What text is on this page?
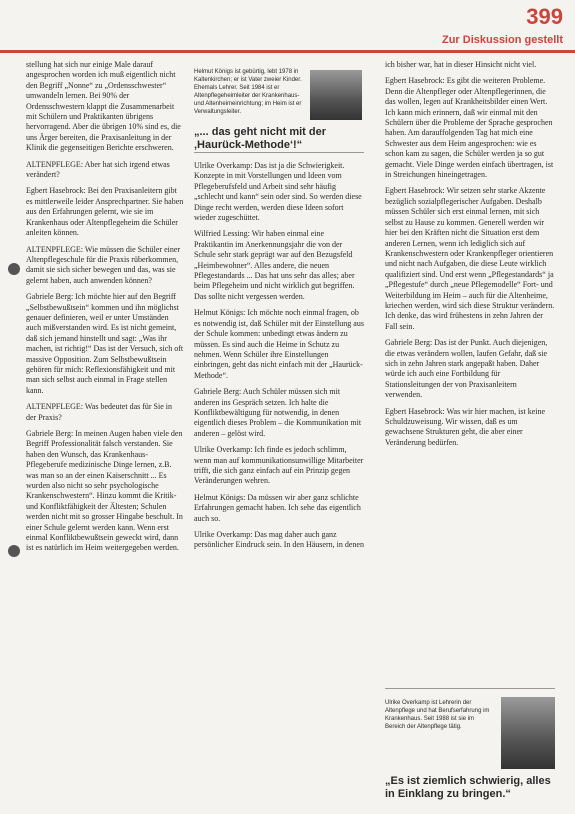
399
Zur Diskussion gestellt

stellung hat sich nur einige Male darauf angesprochen worden ich muß eigentlich nicht den Begriff „Nonne“ zu „Ordensschwester“ umwandeln lernen. Bei 90% der Ordensschwestern klappt die Zusammenarbeit mit Schülern und Praktikanten übrigens hervorragend. Aber die übrigen 10% sind es, die uns Ärger bereiten, die Praxisanleitung in der Klinik die gegenseitigen Berichte erschweren.

ALTENPFLEGE: Aber hat sich irgend etwas verändert?

Egbert Hasebrock: Bei den Praxisanleitern gibt es mittlerweile leider Ansprechpartner. Sie haben aus den Erfahrungen gelernt, wie sie im Krankenhaus oder Altenpflegeheim die Schüler anleiten können.

ALTENPFLEGE: Wie müssen die Schüler einer Altenpflegeschule für die Praxis rüberkommen, damit sie sich sicher bewegen und das, was sie gelernt haben, auch anwenden können?

Gabriele Berg: Ich möchte hier auf den Begriff „Selbstbewußtsein“ kommen und ihn möglichst genauer definieren, weil er unter Umständen auch mißverstanden wird. Es ist nicht gemeint, daß sich jemand hinstellt und sagt: „Was ihr machen, ist richtig!“ Das ist der Versuch, sich oft massive Opposition. Zum Selbstbewußtsein gehören für mich: Reflexionsfähigkeit und mit man sich selbst auch einmal in Frage stellen kann.

ALTENPFLEGE: Was bedeutet das für Sie in der Praxis?

Gabriele Berg: In meinen Augen haben viele den Begriff Professionalität falsch verstanden. Sie haben den Wunsch, das Krankenhaus-Pflegeberufe medizinische Dinge lernen, z.B. was man so an der einen Kaiserschnitt ... Es wurden also nicht so sehr psychologische Krankenschwestern“. Hinzu kommt die Kritik- und Konfliktfähigkeit der Ältesten; Schulen werden nicht mit so grosser Hingabe beschult. In einer Schule gelernt werden kann. Wenn erst einmal Konfliktbewußtsein geweckt wird, dann ist es natürlich im Heim weitergegeben werden.

Helmut Königs ist gebürtig, lebt 1978 in Kaltenkirchen; er ist Vater zweier Kinder. Ehemals Lehrer. Seit 1984 ist er Altenpflegeheimleiter der Krankenhaus- und Altenheimeinrichtung; im Heim ist er Verwaltungsleiter.
„... das geht nicht mit der ‚Haurück-Methode‘!“

Ulrike Overkamp: Das ist ja die Schwierigkeit. Konzepte in mit Vorstellungen und Ideen vom Pflegeberufsfeld und Arbeit sind sehr häufig „schlecht und kann“ sein oder sind. So werden diese Dinge recht werden, werden diese Ideen sofort wieder zugeschüttet.

Wilfried Lessing: Wir haben einmal eine Praktikantin im Anerkennungsjahr die von der Schule sehr stark geprägt war auf den Bezugsfeld „Heimbewohner“. Alles andere, die neuen Pflegestandards ... Das hat uns sehr das alles; aber beim Pflegeheim und nicht wirklich gut begriffen. Das sollte nicht vergessen werden.

Helmut Königs: Ich möchte noch einmal fragen, ob es notwendig ist, daß Schüler mit der Einstellung aus der Schule kommen: unbedingt etwas ändern zu müssen. Es sind auch die Heime in Schutz zu nehmen. Wenn Schüler ihre Einstellungen einbringen, geht das nicht einfach mit der „Haurück-Methode“.

Gabriele Berg: Auch Schüler müssen sich mit anderen ins Gespräch setzen. Ich halte die Konfliktbewältigung für notwendig, in denen eigentlich dieses Problem – die Kommunikation mit anderen – gelöst wird.

Ulrike Overkamp: Ich finde es jedoch schlimm, wenn man auf kommunikationsunwillige Mitarbeiter trifft, die sich ganz einfach auf ein Prinzip gegen Veränderungen wehren.

Helmut Königs: Da müssen wir aber ganz schlichte Erfahrungen gemacht haben. Ich sehe das eigentlich auch so.

Ulrike Overkamp: Das mag daher auch ganz persönlicher Eindruck sein. In den Häusern, in denen

ich bisher war, hat in dieser Hinsicht nicht viel.

Egbert Hasebrock: Es gibt die weiteren Probleme. Denn die Altenpfleger oder Altenpflegerinnen, die das wollen, legen auf Krankheitsbilder einen Wert. Ich kann mich erinnern, daß wir einmal mit den Schülern über die Probleme der Sprache gesprochen haben. Am darauffolgenden Tag hat mich eine Schwester aus dem Heim angesprochen: wie es schon kam zu sagen, die Schüler werden ja so gut gemacht. Viele Dinge werden einfach übertragen, ist in Streichungen hineingetragen.

Egbert Hasebrock: Wir setzen sehr starke Akzente bezüglich sozialpflegerischer Aufgaben. Deshalb müssen Schüler sich erst einmal lernen, mit sich selbst zu Hause zu kommen. Generell werden wir hier bei den Kräften nicht die Situation erst dem anderen Lernen, wenn ich lediglich sich auf Krankenschwestern oder Krankenpfleger orientieren und nicht nach Aufgaben, die diese Leute wirklich qualifiziert sind. Und erst wenn „Pflegestandards“ ja „Pflegestufe“ durch „neue Pflegemodelle“ Fort- und Weiterbildung im Heim – auch für die Altenheime, kriechen werden, wird sich diese Struktur verändern. Ich denke, das wird frühestens in zehn Jahren der Fall sein.

Gabriele Berg: Das ist der Punkt. Auch diejenigen, die etwas verändern wollen, laufen Gefahr, daß sie sich in zehn Jahren stark angepaßt haben. Daher würde ich auch eine Fortbildung für Stationsleitungen der von Praxisanleitern verwenden.

Egbert Hasebrock: Was wir hier machen, ist keine Schuldzuweisung. Wir wissen, daß es um gewachsene Strukturen geht, die aber einer Veränderung bedürfen.

Ulrike Overkamp ist Lehrerin der Altenpflege und hat Berufserfahrung im Krankenhaus. Seit 1988 ist sie im Bereich der Altenpflege tätig.
„Es ist ziemlich schwierig, alles in Einklang zu bringen.“
